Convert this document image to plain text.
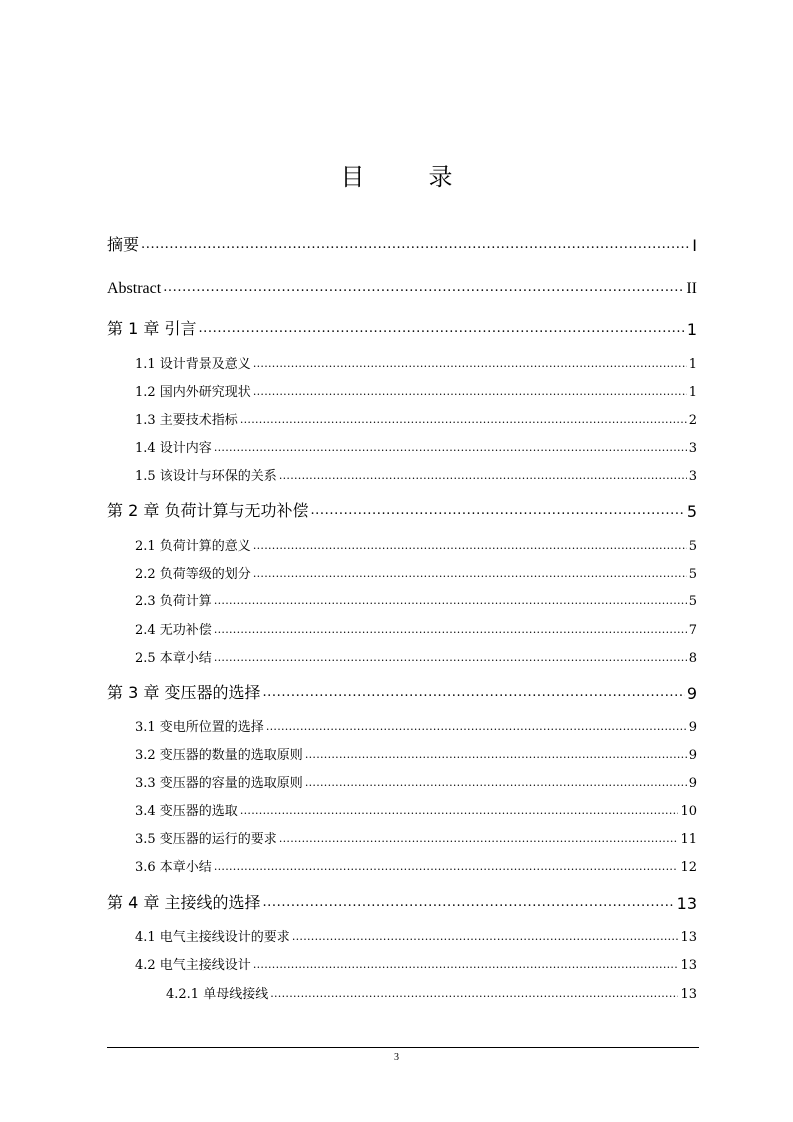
目　录
摘要 .....	I
Abstract .....	II
第 1 章 引言 .....	1
1.1 设计背景及意义 .....	1
1.2 国内外研究现状 .....	1
1.3 主要技术指标 .....	2
1.4 设计内容 .....	3
1.5 该设计与环保的关系 .....	3
第 2 章 负荷计算与无功补偿 .....	5
2.1 负荷计算的意义 .....	5
2.2 负荷等级的划分 .....	5
2.3 负荷计算 .....	5
2.4 无功补偿 .....	7
2.5 本章小结 .....	8
第 3 章 变压器的选择 .....	9
3.1 变电所位置的选择 .....	9
3.2 变压器的数量的选取原则 .....	9
3.3 变压器的容量的选取原则 .....	9
3.4 变压器的选取 .....	10
3.5 变压器的运行的要求 .....	11
3.6 本章小结 .....	12
第 4 章 主接线的选择 .....	13
4.1 电气主接线设计的要求 .....	13
4.2 电气主接线设计 .....	13
4.2.1 单母线接线 .....	13
3
